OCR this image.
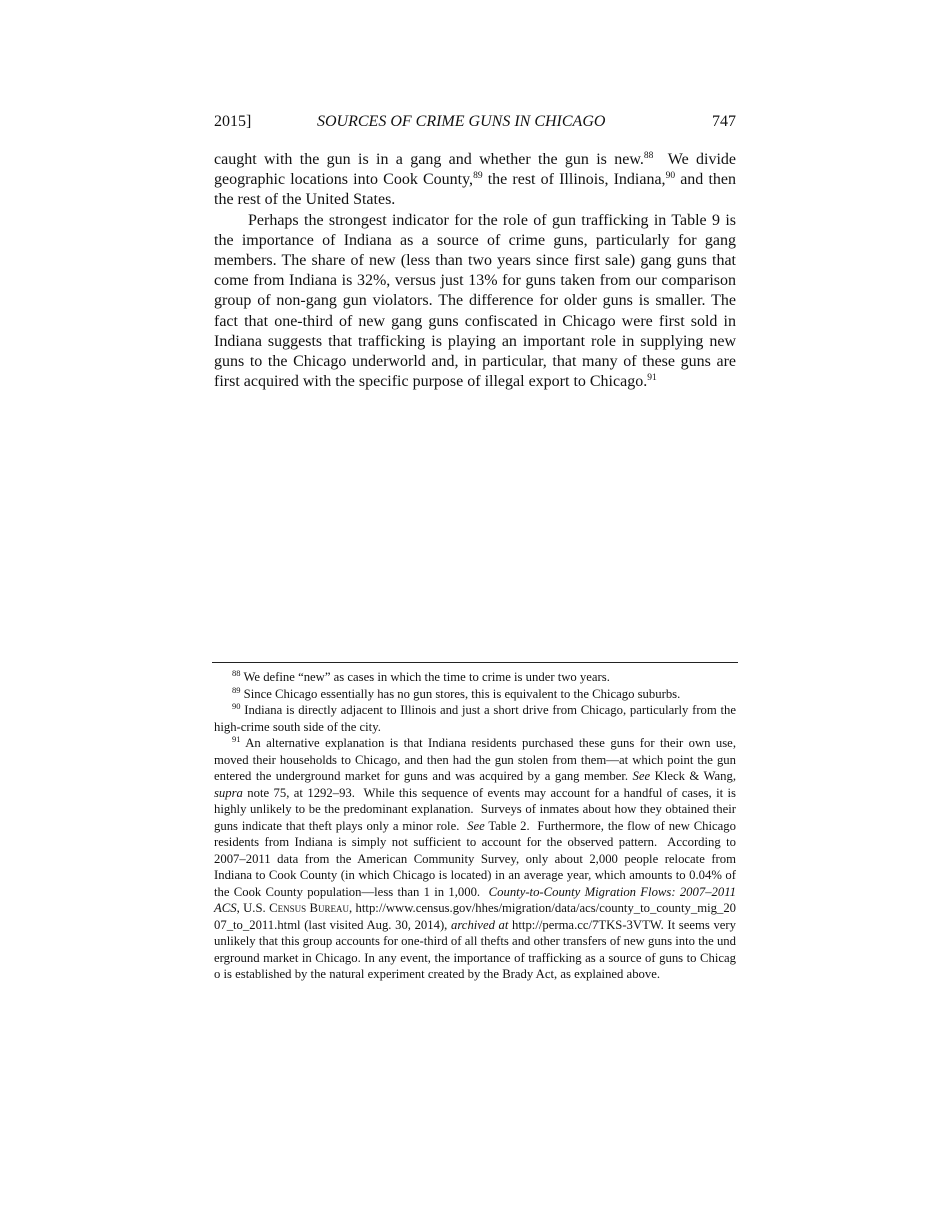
2015]	SOURCES OF CRIME GUNS IN CHICAGO	747

caught with the gun is in a gang and whether the gun is new.$^{88}$  We divide geographic locations into Cook County,$^{89}$ the rest of Illinois, Indiana,$^{90}$ and then the rest of the United States.

Perhaps the strongest indicator for the role of gun trafficking in Table 9 is the importance of Indiana as a source of crime guns, particularly for gang members. The share of new (less than two years since first sale) gang guns that come from Indiana is 32%, versus just 13% for guns taken from our comparison group of non-gang gun violators. The difference for older guns is smaller. The fact that one-third of new gang guns confiscated in Chicago were first sold in Indiana suggests that trafficking is playing an important role in supplying new guns to the Chicago underworld and, in particular, that many of these guns are first acquired with the specific purpose of illegal export to Chicago.$^{91}$

$^{88}$ We define “new” as cases in which the time to crime is under two years.

$^{89}$ Since Chicago essentially has no gun stores, this is equivalent to the Chicago suburbs.

$^{90}$ Indiana is directly adjacent to Illinois and just a short drive from Chicago, particularly from the high-crime south side of the city.

$^{91}$ An alternative explanation is that Indiana residents purchased these guns for their own use, moved their households to Chicago, and then had the gun stolen from them—at which point the gun entered the underground market for guns and was acquired by a gang member. See Kleck & Wang, supra note 75, at 1292–93.  While this sequence of events may account for a handful of cases, it is highly unlikely to be the predominant explanation.  Surveys of inmates about how they obtained their guns indicate that theft plays only a minor role.  See Table 2.  Furthermore, the flow of new Chicago residents from Indiana is simply not sufficient to account for the observed pattern.  According to 2007–2011 data from the American Community Survey, only about 2,000 people relocate from Indiana to Cook County (in which Chicago is located) in an average year, which amounts to 0.04% of the Cook County population—less than 1 in 1,000.  County-to-County Migration Flows: 2007–2011 ACS, U.S. Census Bureau, http://www.census.gov/hhes/migration/data/acs/county_to_county_mig_2007_to_2011.html (last visited Aug. 30, 2014), archived at http://perma.cc/7TKS-3VTW. It seems very unlikely that this group accounts for one-third of all thefts and other transfers of new guns into the underground market in Chicago. In any event, the importance of trafficking as a source of guns to Chicago is established by the natural experiment created by the Brady Act, as explained above.
